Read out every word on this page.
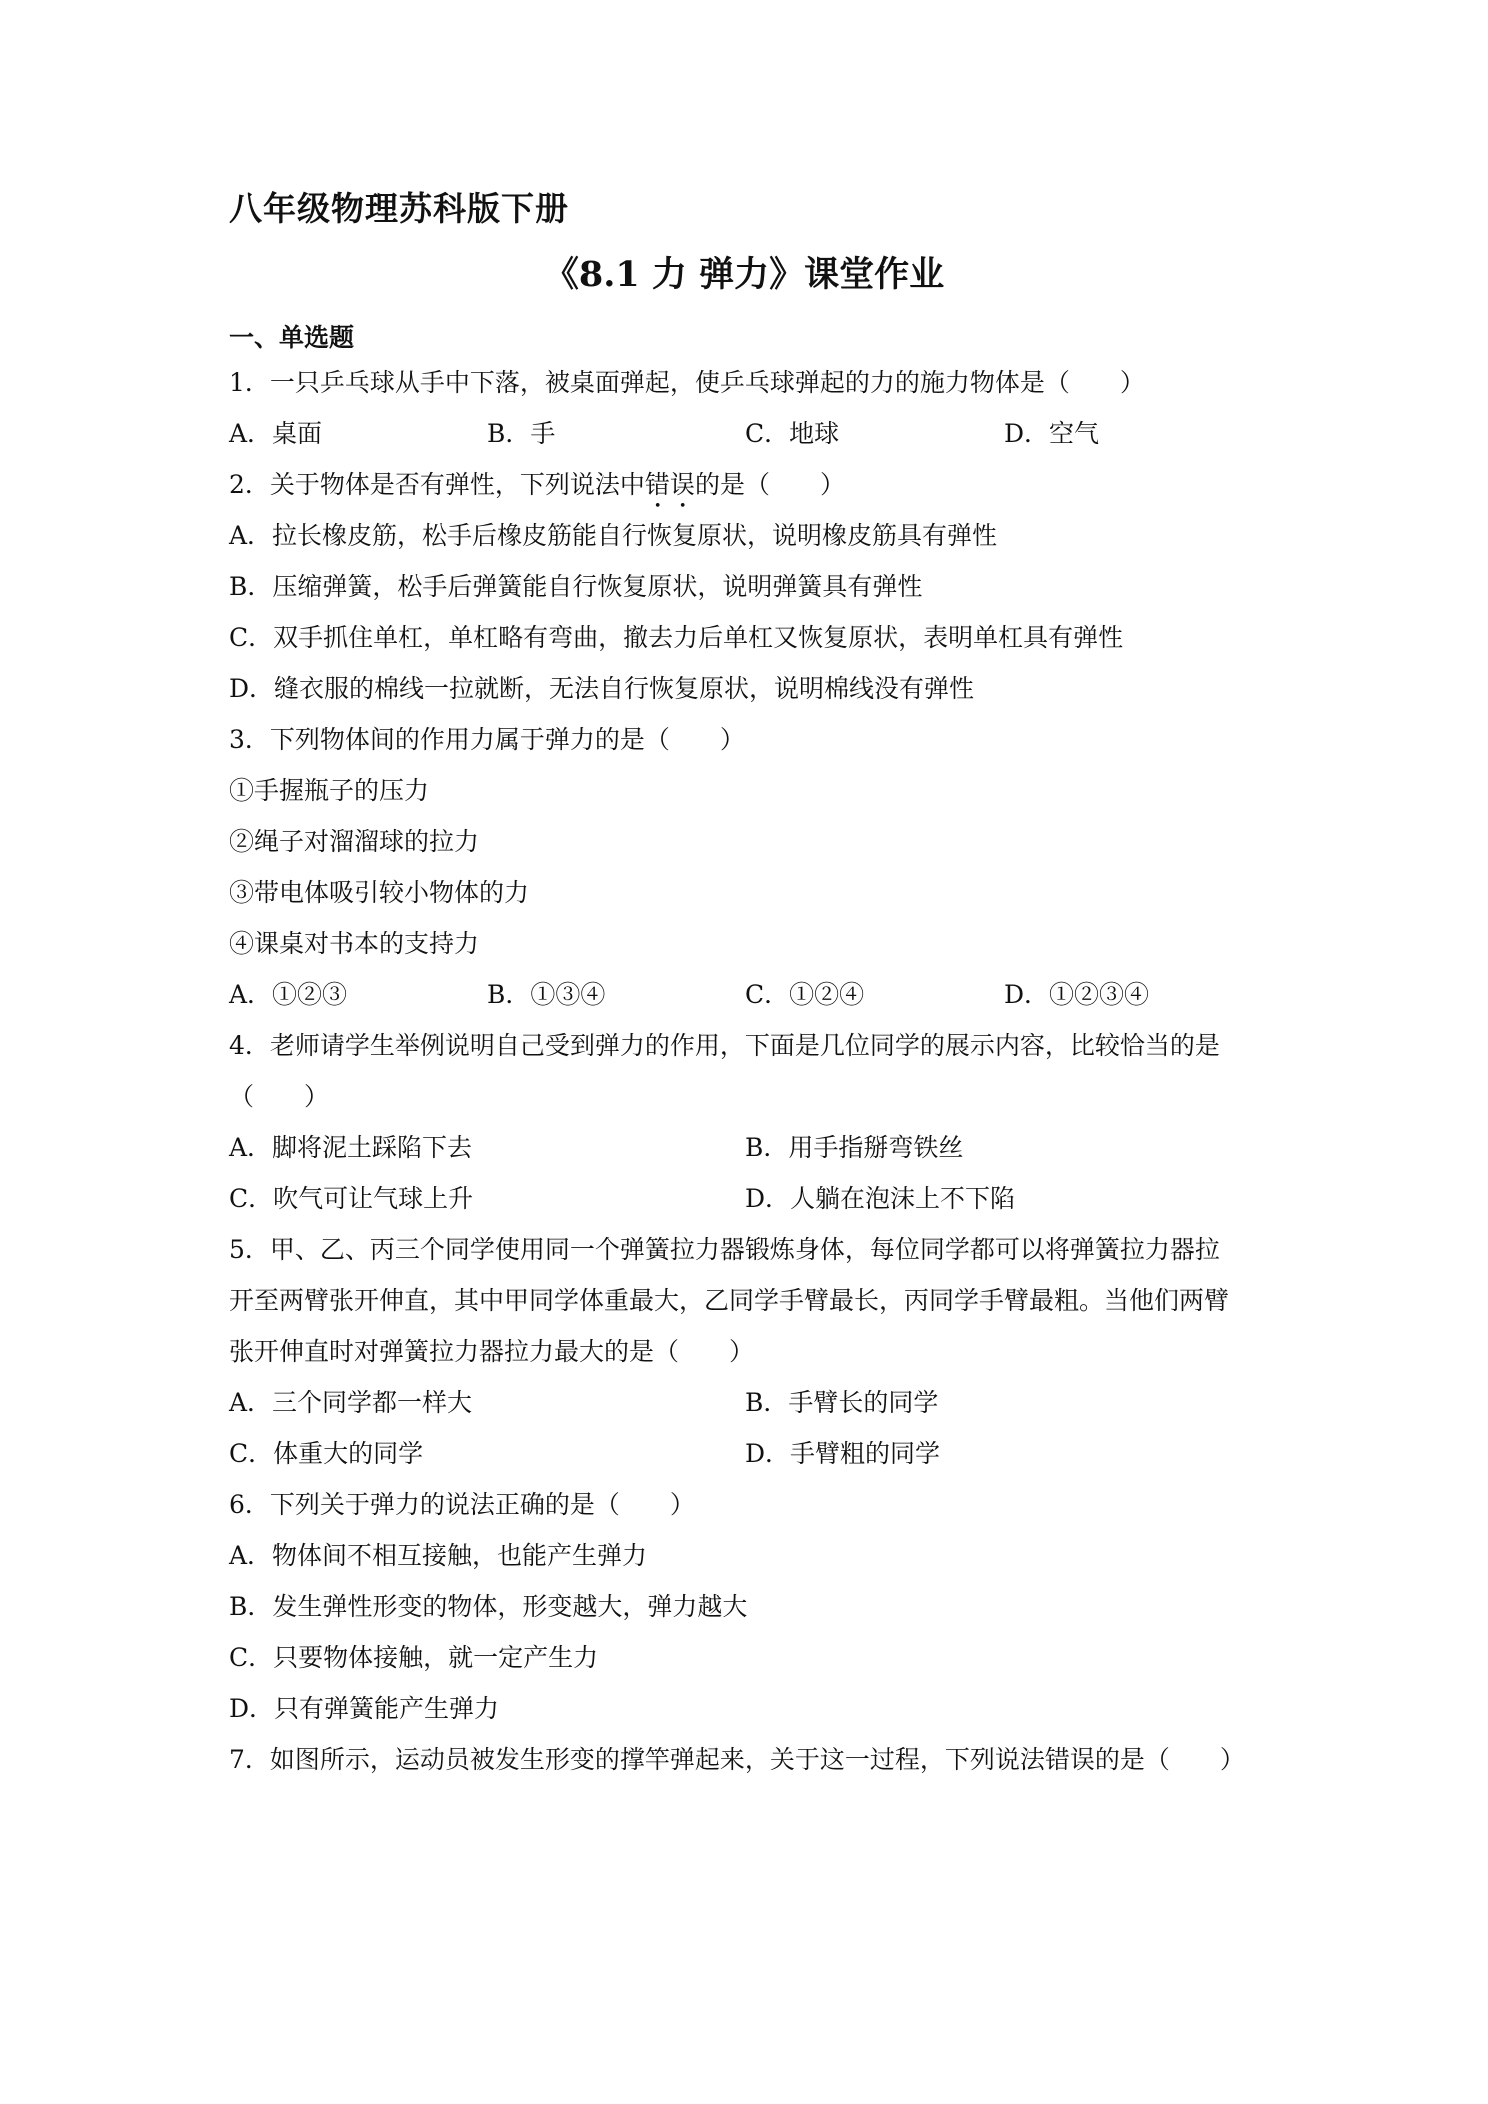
八年级物理苏科版下册
《8.1 力 弹力》课堂作业
一、单选题
1．一只乒乓球从手中下落，被桌面弹起，使乒乓球弹起的力的施力物体是（　　）
A．桌面	B．手	C．地球	D．空气
2．关于物体是否有弹性，下列说法中错误的是（　　）
A．拉长橡皮筋，松手后橡皮筋能自行恢复原状，说明橡皮筋具有弹性
B．压缩弹簧，松手后弹簧能自行恢复原状，说明弹簧具有弹性
C．双手抓住单杠，单杠略有弯曲，撤去力后单杠又恢复原状，表明单杠具有弹性
D．缝衣服的棉线一拉就断，无法自行恢复原状，说明棉线没有弹性
3．下列物体间的作用力属于弹力的是（　　）
①手握瓶子的压力
②绳子对溜溜球的拉力
③带电体吸引较小物体的力
④课桌对书本的支持力
A．①②③	B．①③④	C．①②④	D．①②③④
4．老师请学生举例说明自己受到弹力的作用，下面是几位同学的展示内容，比较恰当的是
（　　）
A．脚将泥土踩陷下去	B．用手指掰弯铁丝
C．吹气可让气球上升	D．人躺在泡沫上不下陷
5．甲、乙、丙三个同学使用同一个弹簧拉力器锻炼身体，每位同学都可以将弹簧拉力器拉
开至两臂张开伸直，其中甲同学体重最大，乙同学手臂最长，丙同学手臂最粗。当他们两臂
张开伸直时对弹簧拉力器拉力最大的是（　　）
A．三个同学都一样大	B．手臂长的同学
C．体重大的同学	D．手臂粗的同学
6．下列关于弹力的说法正确的是（　　）
A．物体间不相互接触，也能产生弹力
B．发生弹性形变的物体，形变越大，弹力越大
C．只要物体接触，就一定产生力
D．只有弹簧能产生弹力
7．如图所示，运动员被发生形变的撑竿弹起来，关于这一过程，下列说法错误的是（　　）
